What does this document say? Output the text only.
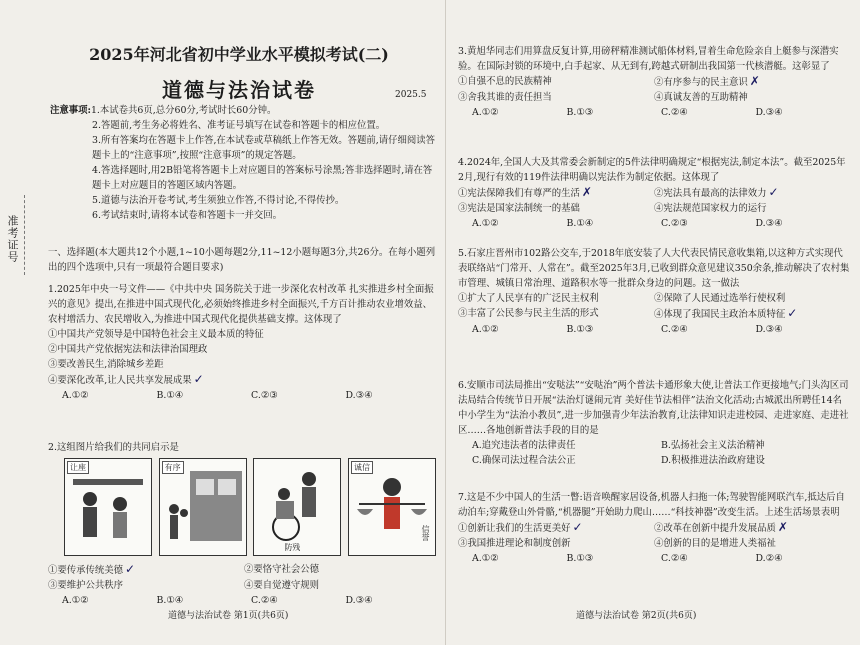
准考证号
2025年河北省初中学业水平模拟考试(二)
道德与法治试卷	2025.5
注意事项: 1.本试卷共6页,总分60分,考试时长60分钟。
2.答题前,考生务必将姓名、准考证号填写在试卷和答题卡的相应位置。
3.所有答案均在答题卡上作答,在本试卷或草稿纸上作答无效。答题前,请仔细阅读答题卡上的“注意事项”,按照“注意事项”的规定答题。
4.答选择题时,用2B铅笔将答题卡上对应题目的答案标号涂黑;答非选择题时,请在答题卡上对应题目的答题区域内答题。
5.道德与法治开卷考试,考生须独立作答,不得讨论,不得传抄。
6.考试结束时,请将本试卷和答题卡一并交回。
一、选择题(本大题共12个小题,1~10小题每题2分,11~12小题每题3分,共26分。在每小题列出的四个选项中,只有一项最符合题目要求)
1.2025年中央一号文件——《中共中央 国务院关于进一步深化农村改革 扎实推进乡村全面振兴的意见》提出,在推进中国式现代化,必须始终推进乡村全面振兴,千方百计推动农业增效益、农村增活力、农民增收入,为推进中国式现代化提供基础支撑。这体现了
①中国共产党领导是中国特色社会主义最本质的特征
②中国共产党依据宪法和法律治国理政
③要改善民生,消除城乡差距
④要深化改革,让人民共享发展成果 ✓
A.①②	B.①④	C.②③	D.③④
2.这组图片给我们的共同启示是
让座	有序
防残
诚信
信誉
①要传承传统美德 ✓	②要恪守社会公德
③要维护公共秩序	④要自觉遵守规则
A.①②	B.①④	C.②④	D.③④
道德与法治试卷 第1页(共6页)
3.黄旭华同志们用算盘反复计算,用磅秤精准测试船体材料,冒着生命危险亲自上艇参与深潜实验。在国际封锁的环境中,白手起家、从无到有,跨越式研制出我国第一代核潜艇。这彰显了
①自强不息的民族精神	②有序参与的民主意识 ✗
③舍我其谁的责任担当	④真诚友善的互助精神
A.①②	B.①③	C.②④	D.③④
4.2024年,全国人大及其常委会新制定的5件法律明确规定“根据宪法,制定本法”。截至2025年2月,现行有效的119件法律明确以宪法作为制定依据。这体现了
①宪法保障我们有尊严的生活 ✗	②宪法具有最高的法律效力 ✓
③宪法是国家法制统一的基础	④宪法规范国家权力的运行
A.①②	B.①④	C.②③	D.③④
5.石家庄晋州市102路公交车,于2018年底安装了人大代表民情民意收集箱,以这种方式实现代表联络站“门常开、人常在”。截至2025年3月,已收到群众意见建议350余条,推动解决了农村集市管理、城镇日常治理、道路积水等一批群众身边的问题。这一做法
①扩大了人民享有的广泛民主权利	②保障了人民通过选举行使权利
③丰富了公民参与民主生活的形式	④体现了我国民主政治本质特征 ✓
A.①②	B.①③	C.②④	D.③④
6.安顺市司法局推出“安哒法”“安哒治”两个普法卡通形象大使,让普法工作更接地气;门头沟区司法局结合传统节日开展“法治灯谜闹元宵 美好佳节法相伴”法治文化活动;古城派出所聘任14名中小学生为“法治小教员”,进一步加强青少年法治教育,让法律知识走进校园、走进家庭、走进社区……各地创新普法手段的目的是
A.追究违法者的法律责任	B.弘扬社会主义法治精神
C.确保司法过程合法公正	D.积极推进法治政府建设
7.这是不少中国人的生活一瞥:语音唤醒家居设备,机器人扫拖一体;驾驶智能网联汽车,抵达后自动泊车;穿戴登山外骨骼,“机器腿”开始助力爬山……“科技神器”改变生活。上述生活场景表明
①创新让我们的生活更美好 ✓	②改革在创新中提升发展品质 ✗
③我国推进理论和制度创新	④创新的目的是增进人类福祉
A.①②	B.①③	C.②④	D.②④
道德与法治试卷 第2页(共6页)
